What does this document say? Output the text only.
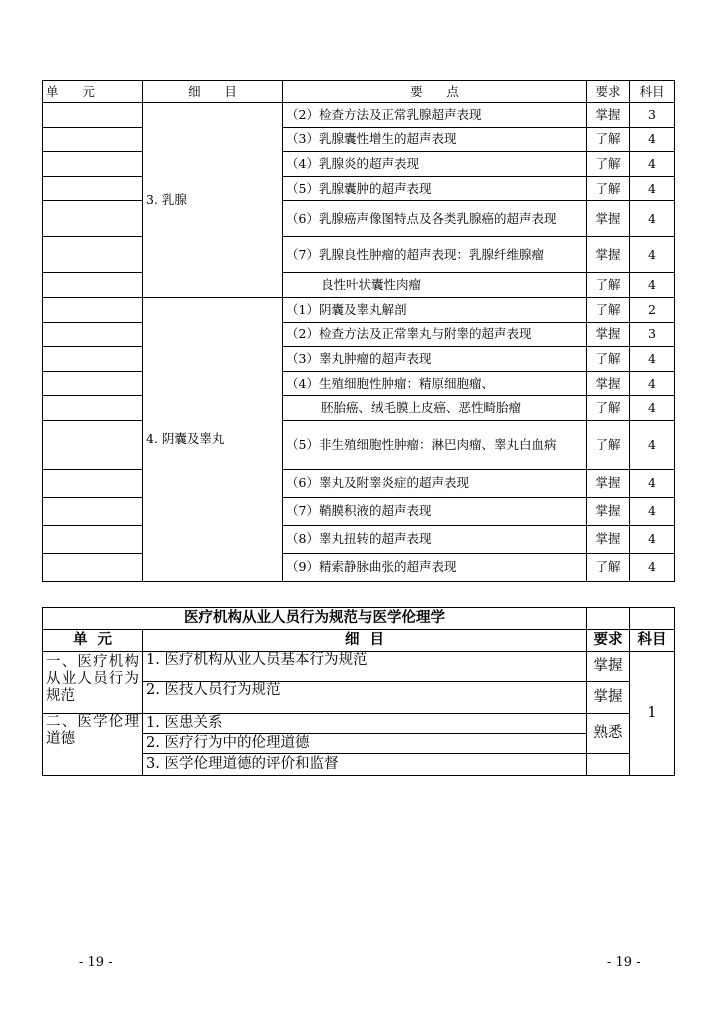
单      元	细      目	要      点	要求	科目
	3. 乳腺	（2）检查方法及正常乳腺超声表现	掌握	3
		（3）乳腺囊性增生的超声表现	了解	4
		（4）乳腺炎的超声表现	了解	4
		（5）乳腺囊肿的超声表现	了解	4
		（6）乳腺癌声像图特点及各类乳腺癌的超声表现	掌握	4
		（7）乳腺良性肿瘤的超声表现：乳腺纤维腺瘤	掌握	4
		良性叶状囊性肉瘤	了解	4
	4. 阴囊及睾丸	（1）阴囊及睾丸解剖	了解	2
		（2）检查方法及正常睾丸与附睾的超声表现	掌握	3
		（3）睾丸肿瘤的超声表现	了解	4
		（4）生殖细胞性肿瘤：精原细胞瘤、	掌握	4
		胚胎癌、绒毛膜上皮癌、恶性畸胎瘤	了解	4
		（5）非生殖细胞性肿瘤：淋巴肉瘤、睾丸白血病	了解	4
		（6）睾丸及附睾炎症的超声表现	掌握	4
		（7）鞘膜积液的超声表现	掌握	4
		（8）睾丸扭转的超声表现	掌握	4
		（9）精索静脉曲张的超声表现	了解	4
医疗机构从业人员行为规范与医学伦理学			
单  元	细  目	要求	科目
一、医疗机构从业人员行为规范	1. 医疗机构从业人员基本行为规范	掌握	1
	2. 医技人员行为规范	掌握	
二、医学伦理道德	1. 医患关系	熟悉	
	2. 医疗行为中的伦理道德		
	3. 医学伦理道德的评价和监督		
- 19 -	- 19 -
